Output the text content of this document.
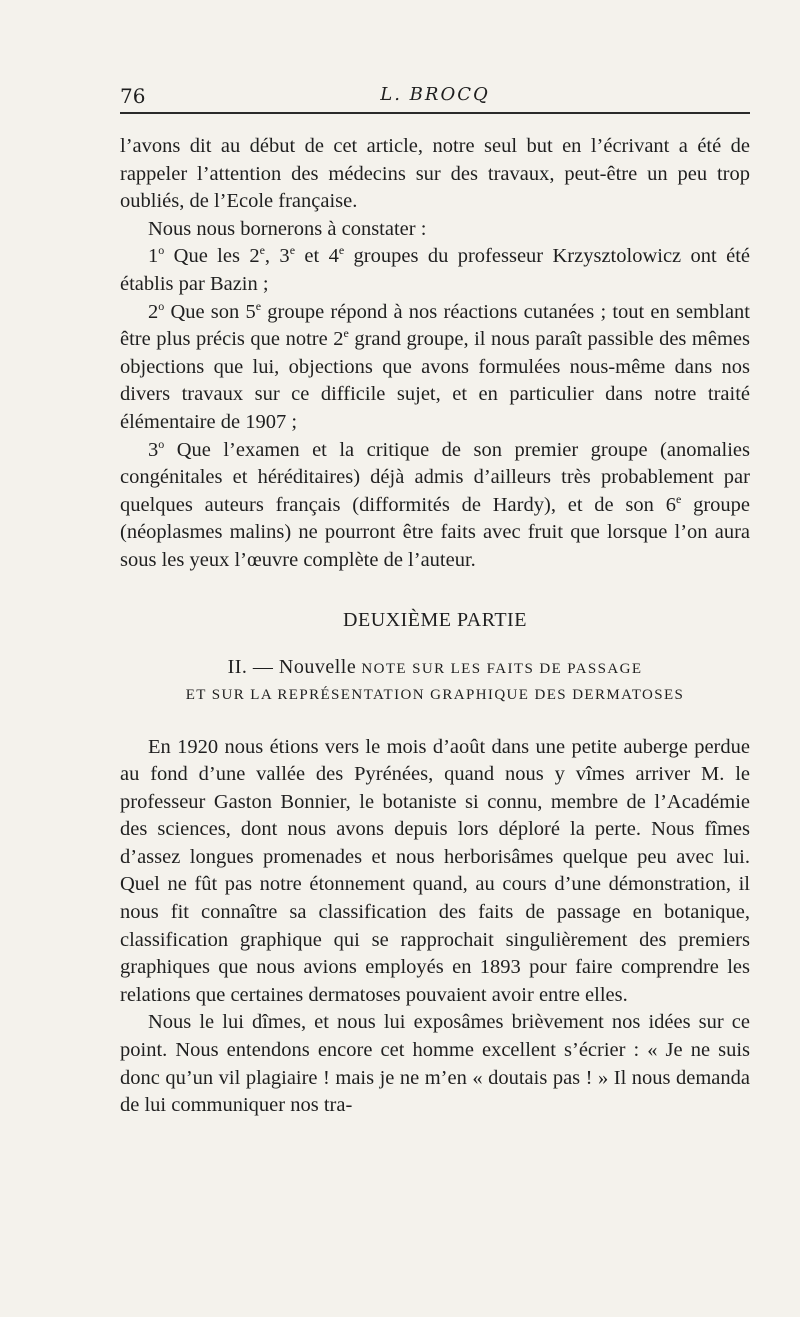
76	L. BROCQ

l’avons dit au début de cet article, notre seul but en l’écrivant a été de rappeler l’attention des médecins sur des travaux, peut-être un peu trop oubliés, de l’Ecole française.

Nous nous bornerons à constater :

1$^o$ Que les 2e, 3e et 4e groupes du professeur Krzysztolowicz ont été établis par Bazin ;

2$^o$ Que son 5e groupe répond à nos réactions cutanées ; tout en semblant être plus précis que notre 2e grand groupe, il nous paraît passible des mêmes objections que lui, objections que avons formulées nous-même dans nos divers travaux sur ce difficile sujet, et en particulier dans notre traité élémentaire de 1907 ;

3$^o$ Que l’examen et la critique de son premier groupe (anomalies congénitales et héréditaires) déjà admis d’ailleurs très probablement par quelques auteurs français (difformités de Hardy), et de son 6e groupe (néoplasmes malins) ne pourront être faits avec fruit que lorsque l’on aura sous les yeux l’œuvre complète de l’auteur.

DEUXIÈME PARTIE
II. — Nouvelle NOTE SUR LES FAITS DE PASSAGE
ET SUR LA REPRÉSENTATION GRAPHIQUE DES DERMATOSES

En 1920 nous étions vers le mois d’août dans une petite auberge perdue au fond d’une vallée des Pyrénées, quand nous y vîmes arriver M. le professeur Gaston Bonnier, le botaniste si connu, membre de l’Académie des sciences, dont nous avons depuis lors déploré la perte. Nous fîmes d’assez longues promenades et nous herborisâmes quelque peu avec lui. Quel ne fût pas notre étonnement quand, au cours d’une démonstration, il nous fit connaître sa classification des faits de passage en botanique, classification graphique qui se rapprochait singulièrement des premiers graphiques que nous avions employés en 1893 pour faire comprendre les relations que certaines dermatoses pouvaient avoir entre elles.

Nous le lui dîmes, et nous lui exposâmes brièvement nos idées sur ce point. Nous entendons encore cet homme excellent s’écrier : « Je ne suis donc qu’un vil plagiaire ! mais je ne m’en « doutais pas ! » Il nous demanda de lui communiquer nos tra-
